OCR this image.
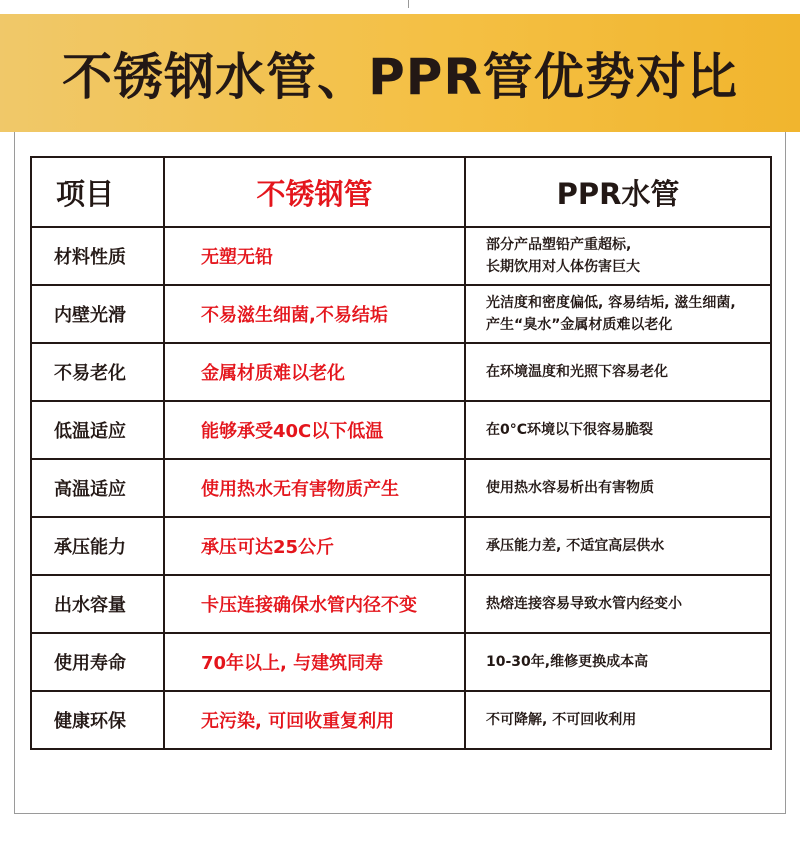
不锈钢水管、PPR管优势对比
项目	不锈钢管	PPR水管
材料性质	无塑无铅	部分产品塑铅产重超标,
长期饮用对人体伤害巨大

内壁光滑	不易滋生细菌,不易结垢	光洁度和密度偏低, 容易结垢, 滋生细菌,
产生“臭水”金属材质难以老化

不易老化	金属材质难以老化	在环境温度和光照下容易老化

低温适应	能够承受40C以下低温	在0°C环境以下很容易脆裂

高温适应	使用热水无有害物质产生	使用热水容易析出有害物质

承压能力	承压可达25公斤	承压能力差, 不适宜高层供水

出水容量	卡压连接确保水管内径不变	热熔连接容易导致水管内经变小

使用寿命	70年以上, 与建筑同寿	10-30年,维修更换成本高

健康环保	无污染, 可回收重复利用	不可降解, 不可回收利用
